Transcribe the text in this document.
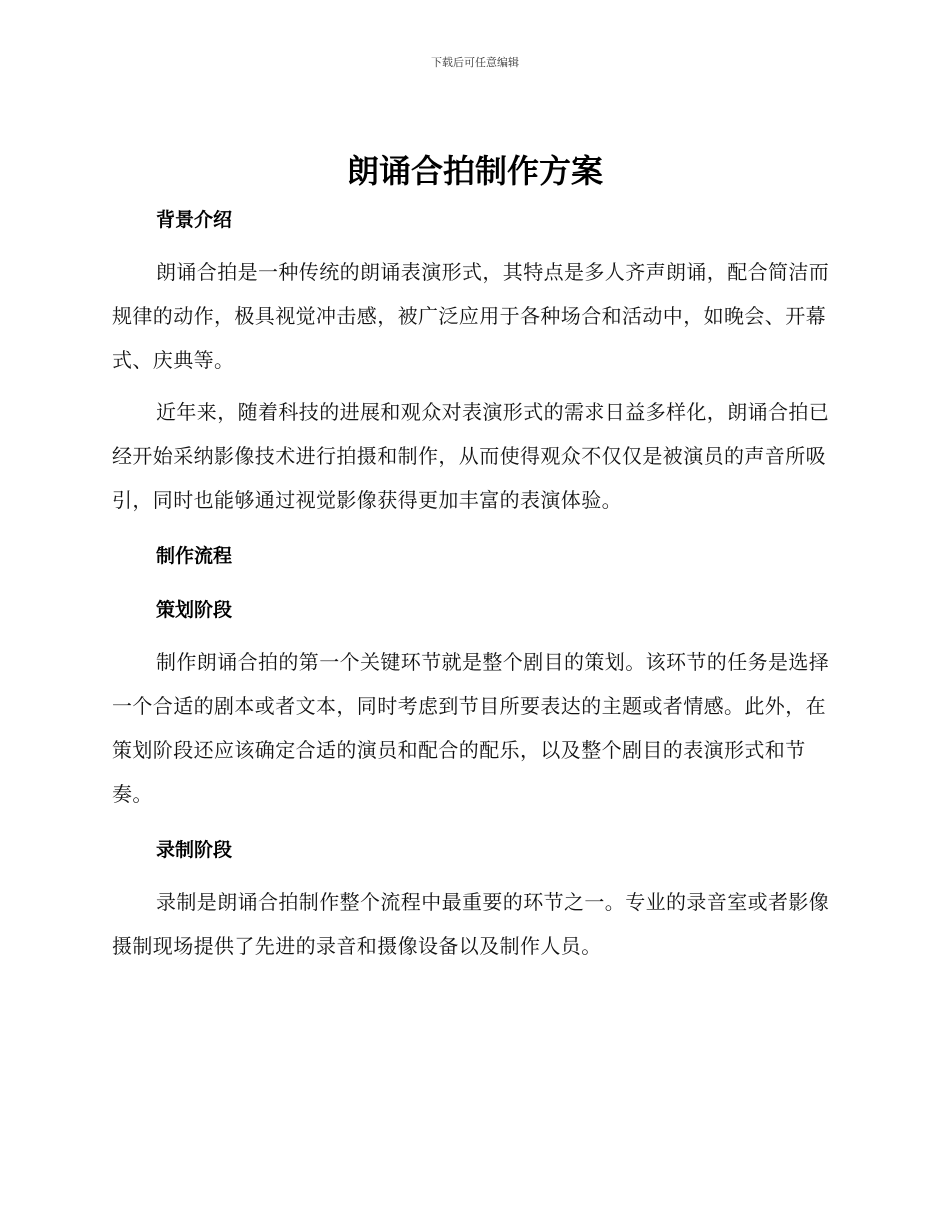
下载后可任意编辑
朗诵合拍制作方案
背景介绍

朗诵合拍是一种传统的朗诵表演形式，其特点是多人齐声朗诵，配合简洁而规律的动作，极具视觉冲击感，被广泛应用于各种场合和活动中，如晚会、开幕式、庆典等。

近年来，随着科技的进展和观众对表演形式的需求日益多样化，朗诵合拍已经开始采纳影像技术进行拍摄和制作，从而使得观众不仅仅是被演员的声音所吸引，同时也能够通过视觉影像获得更加丰富的表演体验。

制作流程
策划阶段

制作朗诵合拍的第一个关键环节就是整个剧目的策划。该环节的任务是选择一个合适的剧本或者文本，同时考虑到节目所要表达的主题或者情感。此外，在策划阶段还应该确定合适的演员和配合的配乐，以及整个剧目的表演形式和节奏。

录制阶段

录制是朗诵合拍制作整个流程中最重要的环节之一。专业的录音室或者影像摄制现场提供了先进的录音和摄像设备以及制作人员。
